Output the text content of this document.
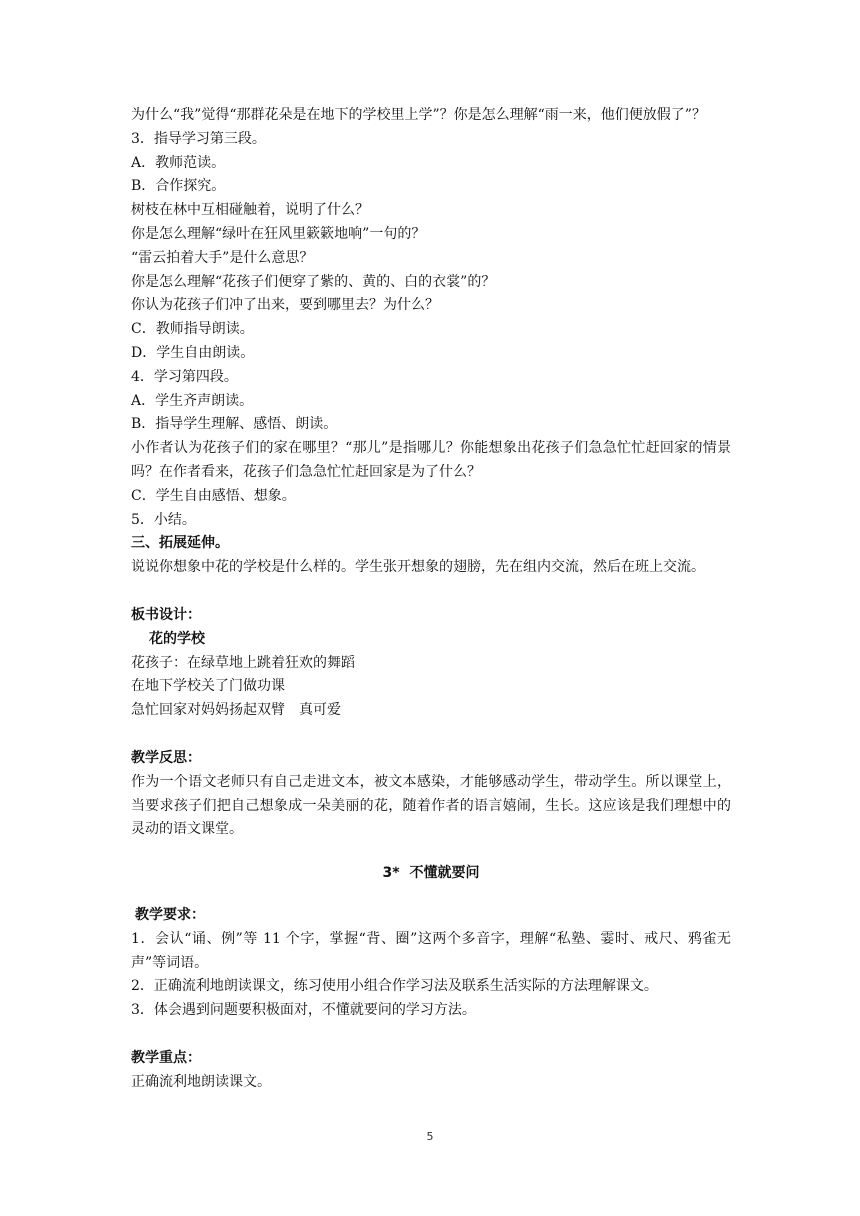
为什么“我”觉得“那群花朵是在地下的学校里上学”？你是怎么理解“雨一来，他们便放假了”？
3．指导学习第三段。
A．教师范读。
B．合作探究。
树枝在林中互相碰触着，说明了什么？
你是怎么理解“绿叶在狂风里簌簌地响”一句的？
“雷云拍着大手”是什么意思？
你是怎么理解“花孩子们便穿了紫的、黄的、白的衣裳”的？
你认为花孩子们冲了出来，要到哪里去？为什么？
C．教师指导朗读。
D．学生自由朗读。
4．学习第四段。
A．学生齐声朗读。
B．指导学生理解、感悟、朗读。
小作者认为花孩子们的家在哪里？“那儿”是指哪儿？你能想象出花孩子们急急忙忙赶回家的情景吗？在作者看来，花孩子们急急忙忙赶回家是为了什么？
C．学生自由感悟、想象。
5．小结。
三、拓展延伸。
说说你想象中花的学校是什么样的。学生张开想象的翅膀，先在组内交流，然后在班上交流。
板书设计：
花的学校
花孩子：在绿草地上跳着狂欢的舞蹈
在地下学校关了门做功课
急忙回家对妈妈扬起双臂 真可爱
教学反思：
作为一个语文老师只有自己走进文本，被文本感染，才能够感动学生，带动学生。所以课堂上，当要求孩子们把自己想象成一朵美丽的花，随着作者的语言嬉闹，生长。这应该是我们理想中的灵动的语文课堂。
3* 不懂就要问
教学要求：
1．会认“诵、例”等 11 个字，掌握“背、圈”这两个多音字，理解“私塾、霎时、戒尺、鸦雀无声”等词语。
2．正确流利地朗读课文，练习使用小组合作学习法及联系生活实际的方法理解课文。
3．体会遇到问题要积极面对，不懂就要问的学习方法。
教学重点：
正确流利地朗读课文。
5
